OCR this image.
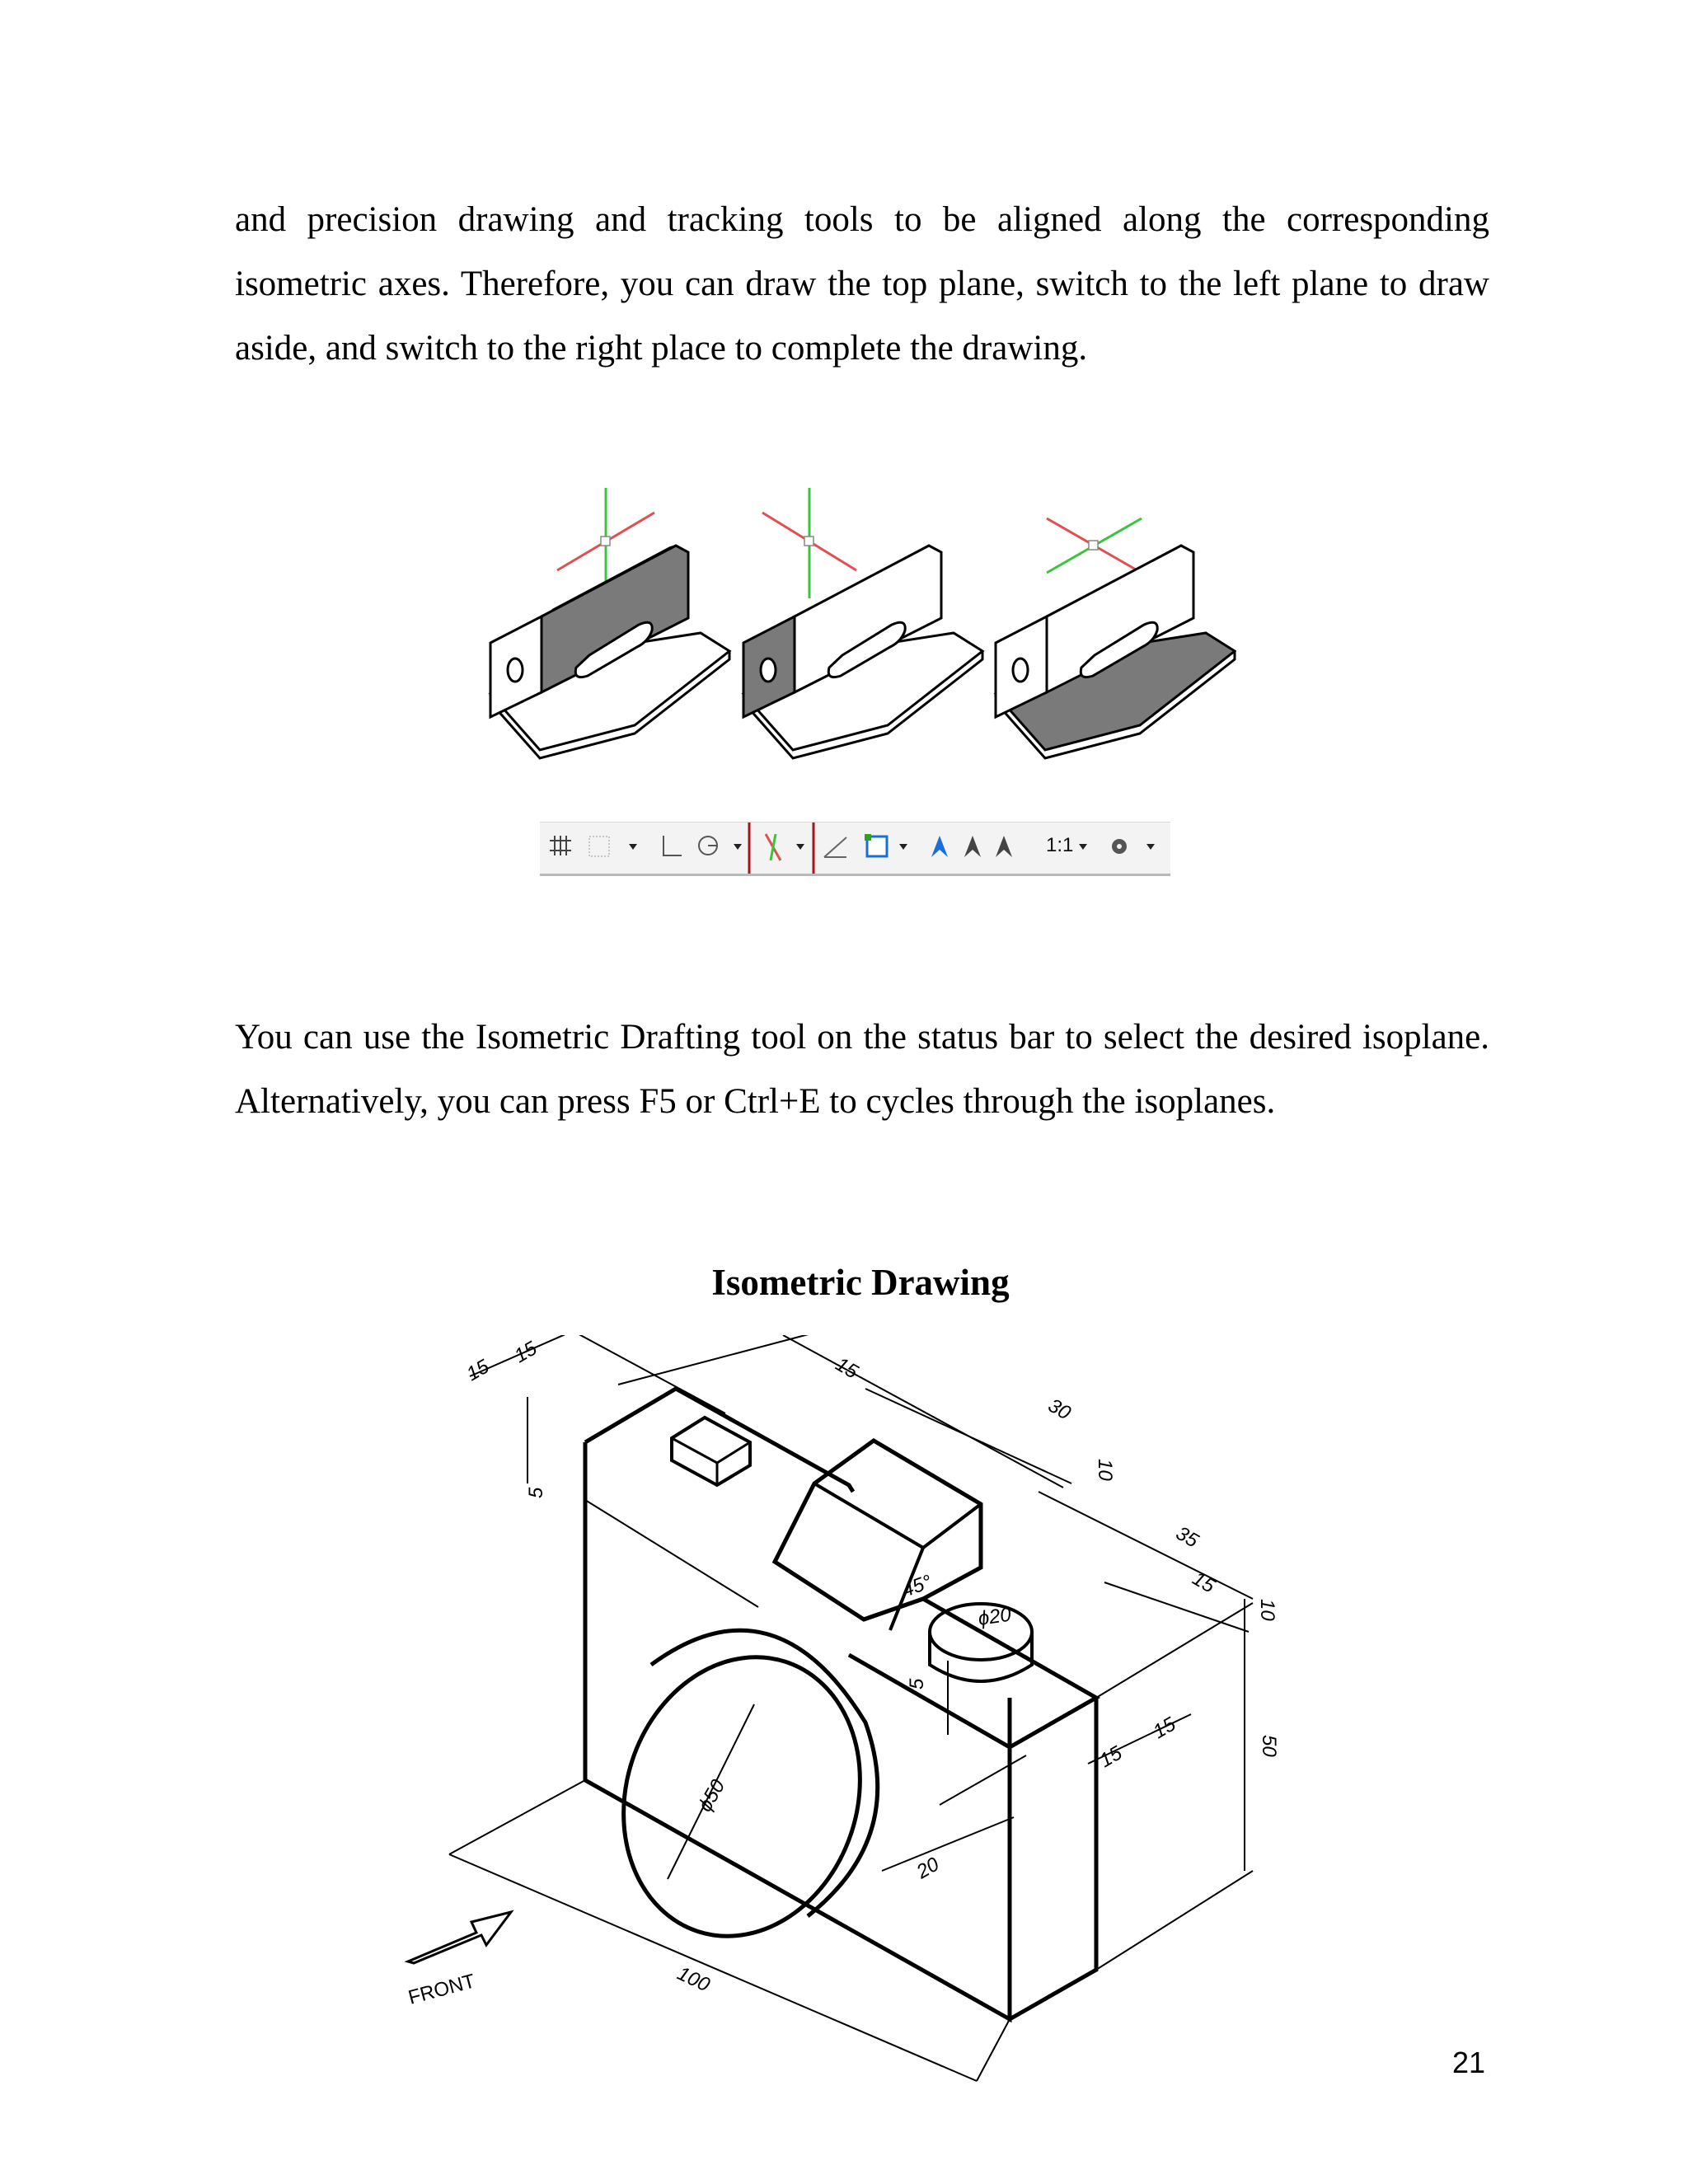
and precision drawing and tracking tools to be aligned along the corresponding isometric axes. Therefore, you can draw the top plane, switch to the left plane to draw aside, and switch to the right place to complete the drawing.
1:1
You can use the Isometric Drafting tool on the status bar to select the desired isoplane. Alternatively, you can press F5 or Ctrl+E to cycles through the isoplanes.
Isometric Drawing
15
15
15
30
10
35
15
10
5
45°
ϕ20
5
15
15
50
ϕ50
20
100
FRONT
21
